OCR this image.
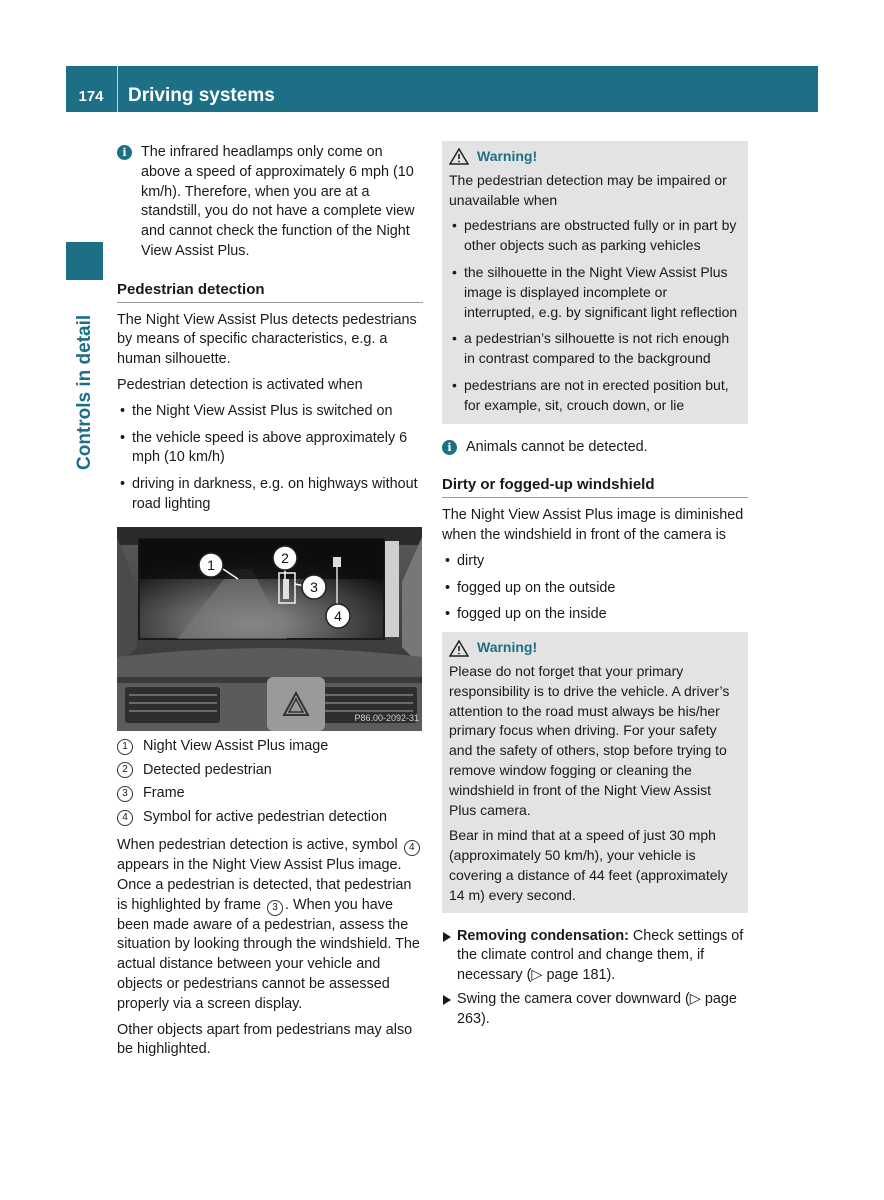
174	Driving systems
Controls in detail
i	The infrared headlamps only come on above a speed of approximately 6 mph (10 km/h). Therefore, when you are at a standstill, you do not have a complete view and cannot check the function of the Night View Assist Plus.
Pedestrian detection

The Night View Assist Plus detects pedestrians by means of specific characteristics, e.g. a human silhouette.

Pedestrian detection is activated when

• the Night View Assist Plus is switched on
• the vehicle speed is above approximately 6 mph (10 km/h)
• driving in darkness, e.g. on highways without road lighting
1	2
3
4
P86.00-2092-31
1	Night View Assist Plus image
2	Detected pedestrian
3	Frame
4	Symbol for active pedestrian detection

When pedestrian detection is active, symbol 4 appears in the Night View Assist Plus image. Once a pedestrian is detected, that pedestrian is highlighted by frame 3 . When you have been made aware of a pedestrian, assess the situation by looking through the windshield. The actual distance between your vehicle and objects or pedestrians cannot be assessed properly via a screen display.

Other objects apart from pedestrians may also be highlighted.

Warning!

The pedestrian detection may be impaired or unavailable when

• pedestrians are obstructed fully or in part by other objects such as parking vehicles
• the silhouette in the Night View Assist Plus image is displayed incomplete or interrupted, e.g. by significant light reflection
• a pedestrian’s silhouette is not rich enough in contrast compared to the background
• pedestrians are not in erected position but, for example, sit, crouch down, or lie
i	Animals cannot be detected.
Dirty or fogged-up windshield

The Night View Assist Plus image is diminished when the windshield in front of the camera is

• dirty
• fogged up on the outside
• fogged up on the inside
Warning!

Please do not forget that your primary responsibility is to drive the vehicle. A driver’s attention to the road must always be his/her primary focus when driving. For your safety and the safety of others, stop before trying to remove window fogging or cleaning the windshield in front of the Night View Assist Plus camera.

Bear in mind that at a speed of just 30 mph (approximately 50 km/h), your vehicle is covering a distance of 44 feet (approximately 14 m) every second.

Removing condensation: Check settings of the climate control and change them, if necessary (▷ page 181).
Swing the camera cover downward (▷ page 263).
